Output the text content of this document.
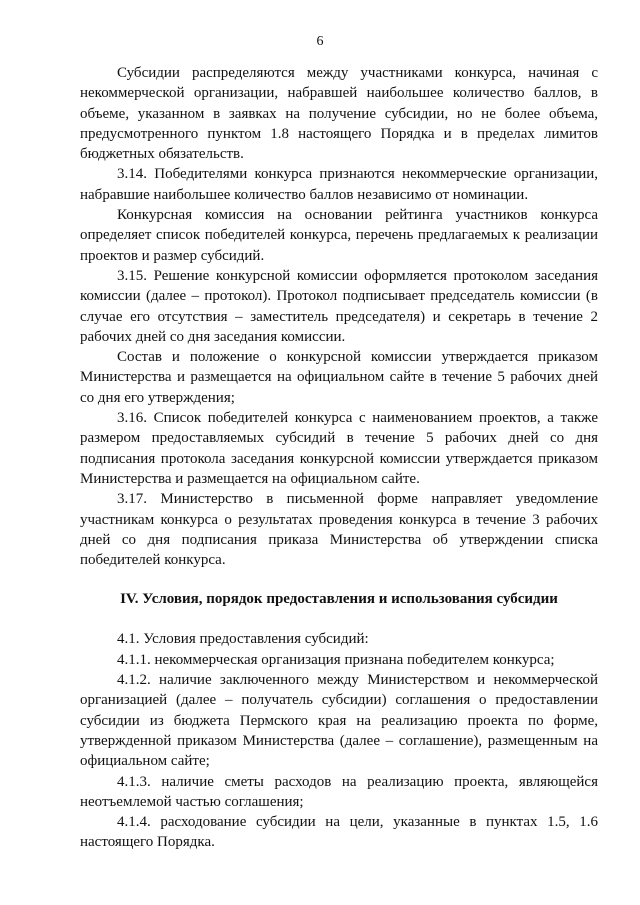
6

Субсидии распределяются между участниками конкурса, начиная с некоммерческой организации, набравшей наибольшее количество баллов, в объеме, указанном в заявках на получение субсидии, но не более объема, предусмотренного пунктом 1.8 настоящего Порядка и в пределах лимитов бюджетных обязательств.

3.14. Победителями конкурса признаются некоммерческие организации, набравшие наибольшее количество баллов независимо от номинации.

Конкурсная комиссия на основании рейтинга участников конкурса определяет список победителей конкурса, перечень предлагаемых к реализации проектов и размер субсидий.

3.15. Решение конкурсной комиссии оформляется протоколом заседания комиссии (далее – протокол). Протокол подписывает председатель комиссии (в случае его отсутствия – заместитель председателя) и секретарь в течение 2 рабочих дней со дня заседания комиссии.

Состав и положение о конкурсной комиссии утверждается приказом Министерства и размещается на официальном сайте в течение 5 рабочих дней со дня его утверждения;

3.16. Список победителей конкурса с наименованием проектов, а также размером предоставляемых субсидий в течение 5 рабочих дней со дня подписания протокола заседания конкурсной комиссии утверждается приказом Министерства и размещается на официальном сайте.

3.17. Министерство в письменной форме направляет уведомление участникам конкурса о результатах проведения конкурса в течение 3 рабочих дней со дня подписания приказа Министерства об утверждении списка победителей конкурса.

IV. Условия, порядок предоставления и использования субсидии

4.1. Условия предоставления субсидий:

4.1.1. некоммерческая организация признана победителем конкурса;

4.1.2. наличие заключенного между Министерством и некоммерческой организацией (далее – получатель субсидии) соглашения о предоставлении субсидии из бюджета Пермского края на реализацию проекта по форме, утвержденной приказом Министерства (далее – соглашение), размещенным на официальном сайте;

4.1.3. наличие сметы расходов на реализацию проекта, являющейся неотъемлемой частью соглашения;

4.1.4. расходование субсидии на цели, указанные в пунктах 1.5, 1.6 настоящего Порядка.
